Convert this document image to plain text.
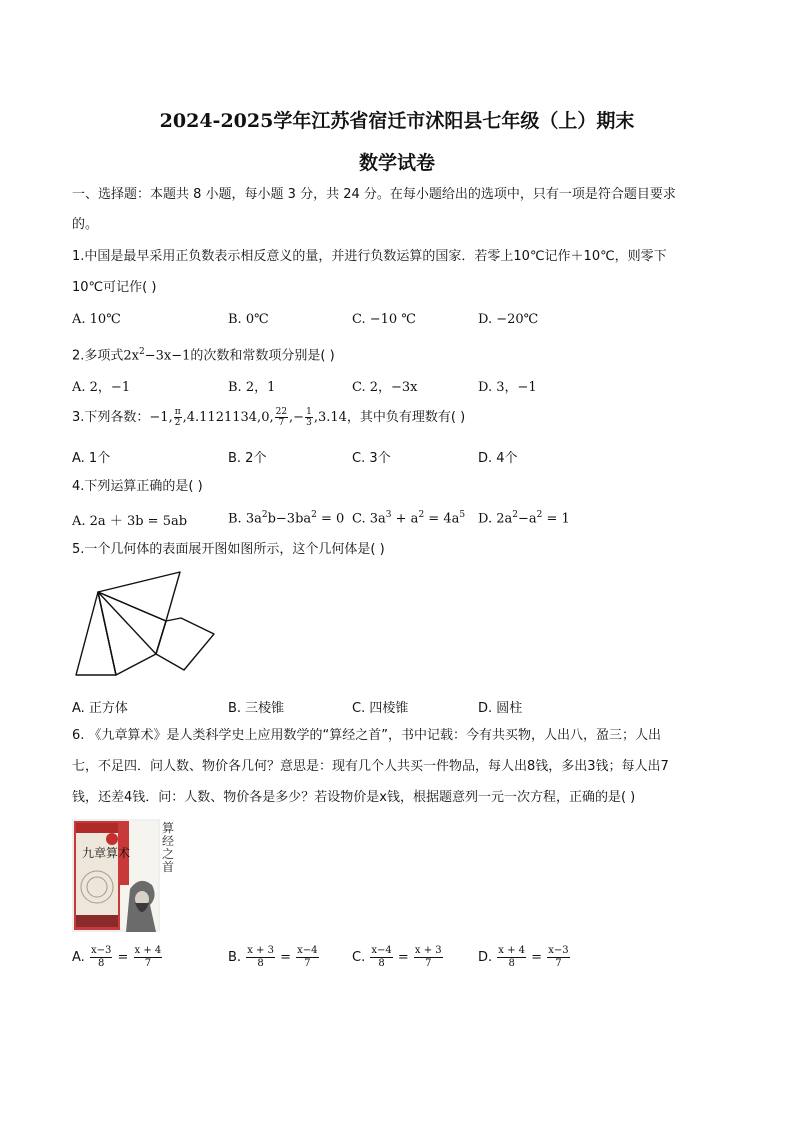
2024-2025学年江苏省宿迁市沭阳县七年级（上）期末
数学试卷
一、选择题：本题共 8 小题，每小题 3 分，共 24 分。在每小题给出的选项中，只有一项是符合题目要求
的。
1.中国是最早采用正负数表示相反意义的量，并进行负数运算的国家．若零上10℃记作＋10℃，则零下
10℃可记作( )
A. 10℃	B. 0℃	C. −10 ℃	D. −20℃
2.多项式$2x^2-3x-1$的次数和常数项分别是( )
A. 2，−1	B. 2，1	C. 2，−3x	D. 3，−1
3.下列各数：−1, $\frac{\pi}{2} ,4.1121134,0$, $\frac{22}{7}$ ,− $\frac{1}{3} ,3.14$，其中负有理数有( )
A. 1个	B. 2个	C. 3个	D. 4个
4.下列运算正确的是( )
A. 2a ＋ 3b = 5ab	B. $3a^2b-3ba^2 = 0$ C. $3a^3 + a^2 = 4a^5$ D. $2a^2-a^2 = 1$
5.一个几何体的表面展开图如图所示，这个几何体是( )
A. 正方体	B. 三棱锥	C. 四棱锥	D. 圆柱
6. 《九章算术》是人类科学史上应用数学的“算经之首”，书中记载：今有共买物，人出八，盈三；人出
七，不足四．问人数、物价各几何？意思是：现有几个人共买一件物品，每人出8钱，多出3钱；每人出7
钱，还差4钱．问：人数、物价各是多少？若设物价是x钱，根据题意列一元一次方程，正确的是( )
九章算术
算经之首
A. $\frac{x-3}{8} = \frac{x + 4}{7}$	B. $\frac{x + 3}{8} = \frac{x-4}{7}$	C. $\frac{x-4}{8} = \frac{x + 3}{7}$	D. $\frac{x + 4}{8} = \frac{x-3}{7}$
